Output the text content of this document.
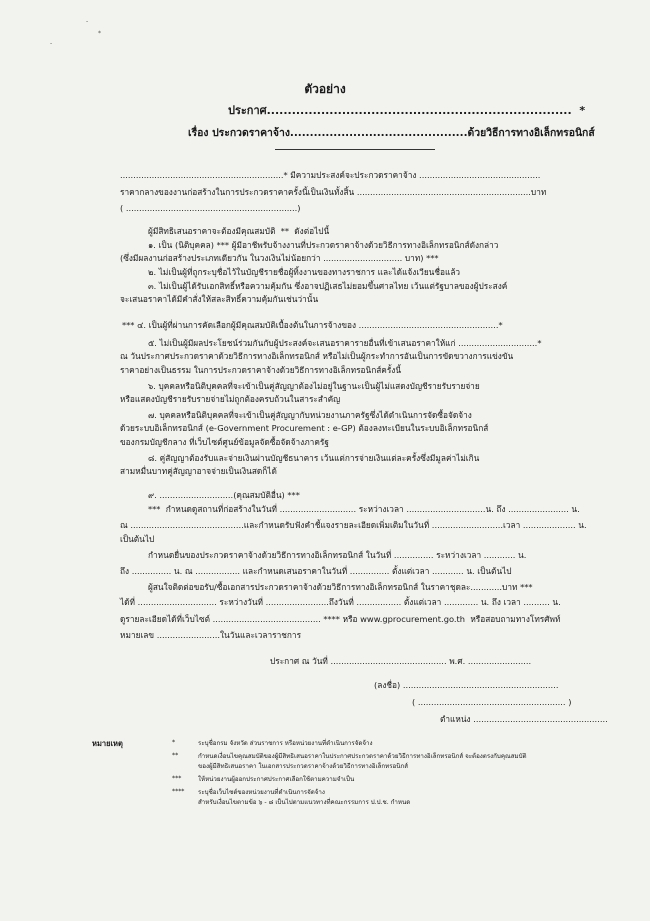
-
*
-
ตัวอย่าง
ประกาศ.........................................................................  *
เรื่อง ประกวดราคาจ้าง.............................................ด้วยวิธีการทางอิเล็กทรอนิกส์
..............................................................* มีความประสงค์จะประกวดราคาจ้าง ..............................................
ราคากลางของงานก่อสร้างในการประกวดราคาครั้งนี้เป็นเงินทั้งสิ้น ..................................................................บาท
( .................................................................)
ผู้มีสิทธิเสนอราคาจะต้องมีคุณสมบัติ  **  ดังต่อไปนี้
๑. เป็น (นิติบุคคล) *** ผู้มีอาชีพรับจ้างงานที่ประกวดราคาจ้างด้วยวิธีการทางอิเล็กทรอนิกส์ดังกล่าว
(ซึ่งมีผลงานก่อสร้างประเภทเดียวกัน ในวงเงินไม่น้อยกว่า .............................. บาท) ***
๒. ไม่เป็นผู้ที่ถูกระบุชื่อไว้ในบัญชีรายชื่อผู้ทิ้งงานของทางราชการ และได้แจ้งเวียนชื่อแล้ว
๓. ไม่เป็นผู้ได้รับเอกสิทธิ์หรือความคุ้มกัน ซึ่งอาจปฏิเสธไม่ยอมขึ้นศาลไทย เว้นแต่รัฐบาลของผู้ประสงค์
จะเสนอราคาได้มีคำสั่งให้สละสิทธิ์ความคุ้มกันเช่นว่านั้น
*** ๔. เป็นผู้ที่ผ่านการคัดเลือกผู้มีคุณสมบัติเบื้องต้นในการจ้างของ .....................................................*
๕. ไม่เป็นผู้มีผลประโยชน์ร่วมกันกับผู้ประสงค์จะเสนอราคารายอื่นที่เข้าเสนอราคาให้แก่ ..............................*
ณ วันประกาศประกวดราคาด้วยวิธีการทางอิเล็กทรอนิกส์ หรือไม่เป็นผู้กระทำการอันเป็นการขัดขวางการแข่งขัน
ราคาอย่างเป็นธรรม ในการประกวดราคาจ้างด้วยวิธีการทางอิเล็กทรอนิกส์ครั้งนี้
๖. บุคคลหรือนิติบุคคลที่จะเข้าเป็นคู่สัญญาต้องไม่อยู่ในฐานะเป็นผู้ไม่แสดงบัญชีรายรับรายจ่าย
หรือแสดงบัญชีรายรับรายจ่ายไม่ถูกต้องครบถ้วนในสาระสำคัญ
๗. บุคคลหรือนิติบุคคลที่จะเข้าเป็นคู่สัญญากับหน่วยงานภาครัฐซึ่งได้ดำเนินการจัดซื้อจัดจ้าง
ด้วยระบบอิเล็กทรอนิกส์ (e-Government Procurement : e-GP) ต้องลงทะเบียนในระบบอิเล็กทรอนิกส์
ของกรมบัญชีกลาง ที่เว็บไซต์ศูนย์ข้อมูลจัดซื้อจัดจ้างภาครัฐ
๘. คู่สัญญาต้องรับและจ่ายเงินผ่านบัญชีธนาคาร เว้นแต่การจ่ายเงินแต่ละครั้งซึ่งมีมูลค่าไม่เกิน
สามหมื่นบาทคู่สัญญาอาจจ่ายเป็นเงินสดก็ได้
๙. ............................(คุณสมบัติอื่น) ***
***  กำหนดดูสถานที่ก่อสร้างในวันที่ ............................. ระหว่างเวลา ..............................น. ถึง ....................... น.
ณ ...........................................และกำหนดรับฟังคำชี้แจงรายละเอียดเพิ่มเติมในวันที่ ...........................เวลา .................... น.
เป็นต้นไป
กำหนดยื่นของประกวดราคาจ้างด้วยวิธีการทางอิเล็กทรอนิกส์ ในวันที่ ............... ระหว่างเวลา ............ น.
ถึง ............... น. ณ ................. และกำหนดเสนอราคาในวันที่ ............... ตั้งแต่เวลา ............ น. เป็นต้นไป
ผู้สนใจติดต่อขอรับ/ซื้อเอกสารประกวดราคาจ้างด้วยวิธีการทางอิเล็กทรอนิกส์ ในราคาชุดละ............บาท ***
ได้ที่ .............................. ระหว่างวันที่ ........................ถึงวันที่ ................. ตั้งแต่เวลา ............. น. ถึง เวลา .......... น.
ดูรายละเอียดได้ที่เว็บไซต์ ......................................... **** หรือ www.gprocurement.go.th  หรือสอบถามทางโทรศัพท์
หมายเลข ........................ในวันและเวลาราชการ
ประกาศ ณ วันที่ ............................................ พ.ศ. ........................
(ลงชื่อ) ...........................................................
( ........................................................ )
ตำแหน่ง ...................................................
หมายเหตุ	*	ระบุชื่อกรม จังหวัด ส่วนราชการ หรือหน่วยงานที่ดำเนินการจัดจ้าง
**	กำหนดเงื่อนไขคุณสมบัติของผู้มีสิทธิเสนอราคาในประกาศประกวดราคาด้วยวิธีการทางอิเล็กทรอนิกส์ จะต้องตรงกับคุณสมบัติ
ของผู้มีสิทธิเสนอราคา ในเอกสารประกวดราคาจ้างด้วยวิธีการทางอิเล็กทรอนิกส์
***	ให้หน่วยงานผู้ออกประกาศประกาศเลือกใช้ตามความจำเป็น
**** ระบุชื่อเว็บไซต์ของหน่วยงานที่ดำเนินการจัดจ้าง
สำหรับเงื่อนไขตามข้อ ๖ - ๘ เป็นไปตามแนวทางที่คณะกรรมการ ป.ป.ช. กำหนด
